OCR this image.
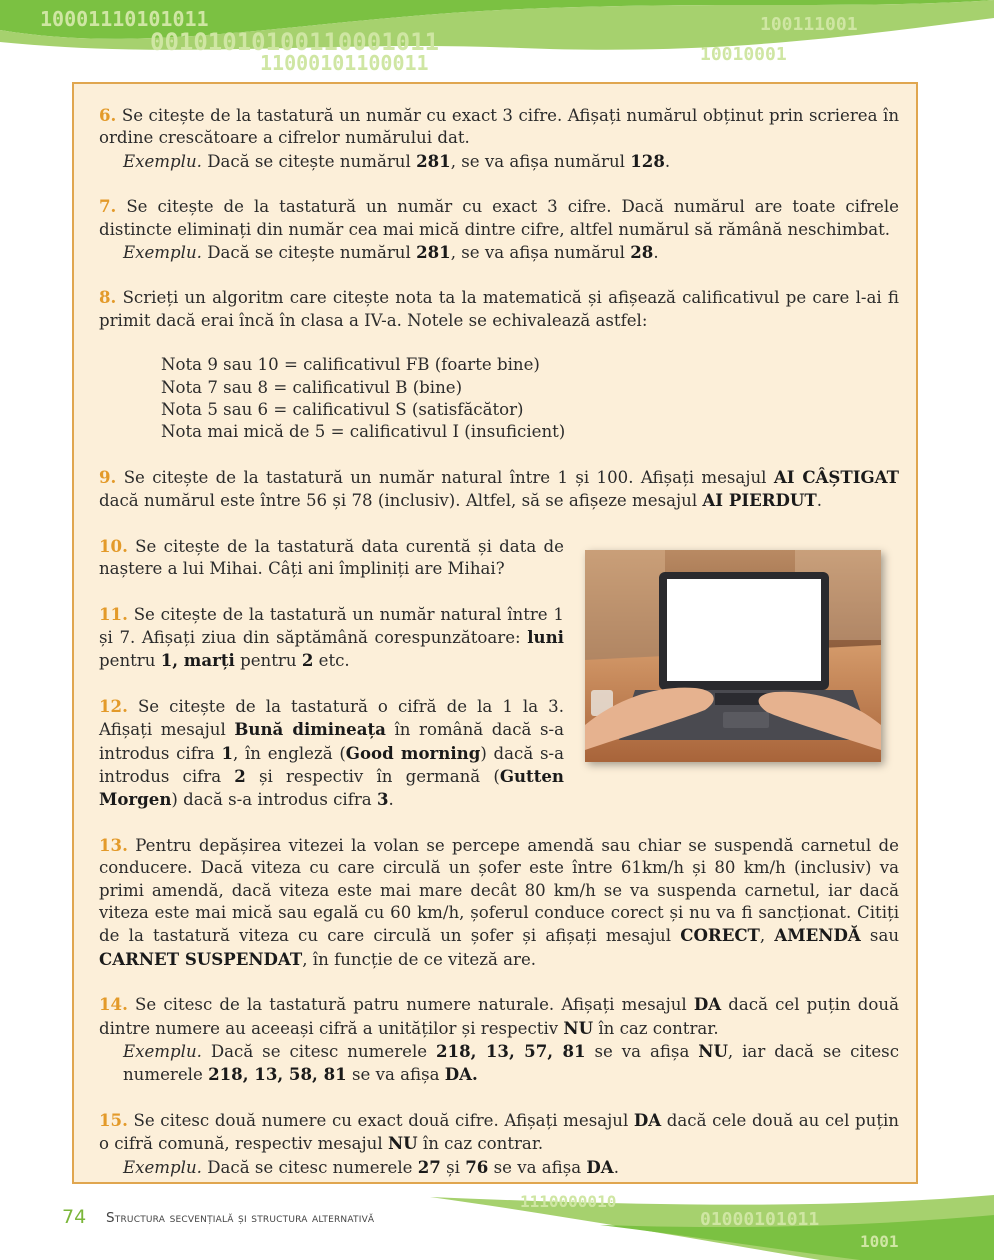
10001110101011
00101010100110001011
11000101100011
100111001
10010001

6. Se citește de la tastatură un număr cu exact 3 cifre. Afișați numărul obținut prin scrierea în ordine crescătoare a cifrelor numărului dat.

Exemplu. Dacă se citește numărul 281, se va afișa numărul 128.

7. Se citește de la tastatură un număr cu exact 3 cifre. Dacă numărul are toate cifrele distincte eliminați din număr cea mai mică dintre cifre, altfel numărul să rămână neschimbat.

Exemplu. Dacă se citește numărul 281, se va afișa numărul 28.

8. Scrieți un algoritm care citește nota ta la matematică și afișează calificativul pe care l-ai fi primit dacă erai încă în clasa a IV-a. Notele se echivalează astfel:

Nota 9 sau 10 = calificativul FB (foarte bine)
Nota 7 sau 8 = calificativul B (bine)
Nota 5 sau 6 = calificativul S (satisfăcător)
Nota mai mică de 5 = calificativul I (insuficient)

9. Se citește de la tastatură un număr natural între 1 și 100. Afișați mesajul AI CÂȘTIGAT dacă numărul este între 56 și 78 (inclusiv). Altfel, să se afișeze mesajul AI PIERDUT.

10. Se citește de la tastatură data curentă și data de naștere a lui Mihai. Câți ani împliniți are Mihai?

11. Se citește de la tastatură un număr natural între 1 și 7. Afișați ziua din săptămână corespunzătoare: luni pentru 1, marți pentru 2 etc.

12. Se citește de la tastatură o cifră de la 1 la 3. Afișați mesajul Bună dimineața în română dacă s-a introdus cifra 1, în engleză (Good morning) dacă s-a introdus cifra 2 și respectiv în germană (Gutten Morgen) dacă s-a introdus cifra 3.

13. Pentru depășirea vitezei la volan se percepe amendă sau chiar se suspendă carnetul de conducere. Dacă viteza cu care circulă un șofer este între 61km/h și 80 km/h (inclusiv) va primi amendă, dacă viteza este mai mare decât 80 km/h se va suspenda carnetul, iar dacă viteza este mai mică sau egală cu 60 km/h, șoferul conduce corect și nu va fi sancționat. Citiți de la tastatură viteza cu care circulă un șofer și afișați mesajul CORECT, AMENDĂ sau CARNET SUSPENDAT, în funcție de ce viteză are.

14. Se citesc de la tastatură patru numere naturale. Afișați mesajul DA dacă cel puțin două dintre numere au aceeași cifră a unităților și respectiv NU în caz contrar.

Exemplu. Dacă se citesc numerele 218, 13, 57, 81 se va afișa NU, iar dacă se citesc numerele 218, 13, 58, 81 se va afișa DA.

15. Se citesc două numere cu exact două cifre. Afișați mesajul DA dacă cele două au cel puțin o cifră comună, respectiv mesajul NU în caz contrar.

Exemplu. Dacă se citesc numerele 27 și 76 se va afișa DA.

1110000010
01000101011
1001
74 Structura secvențială și structura alternativă
